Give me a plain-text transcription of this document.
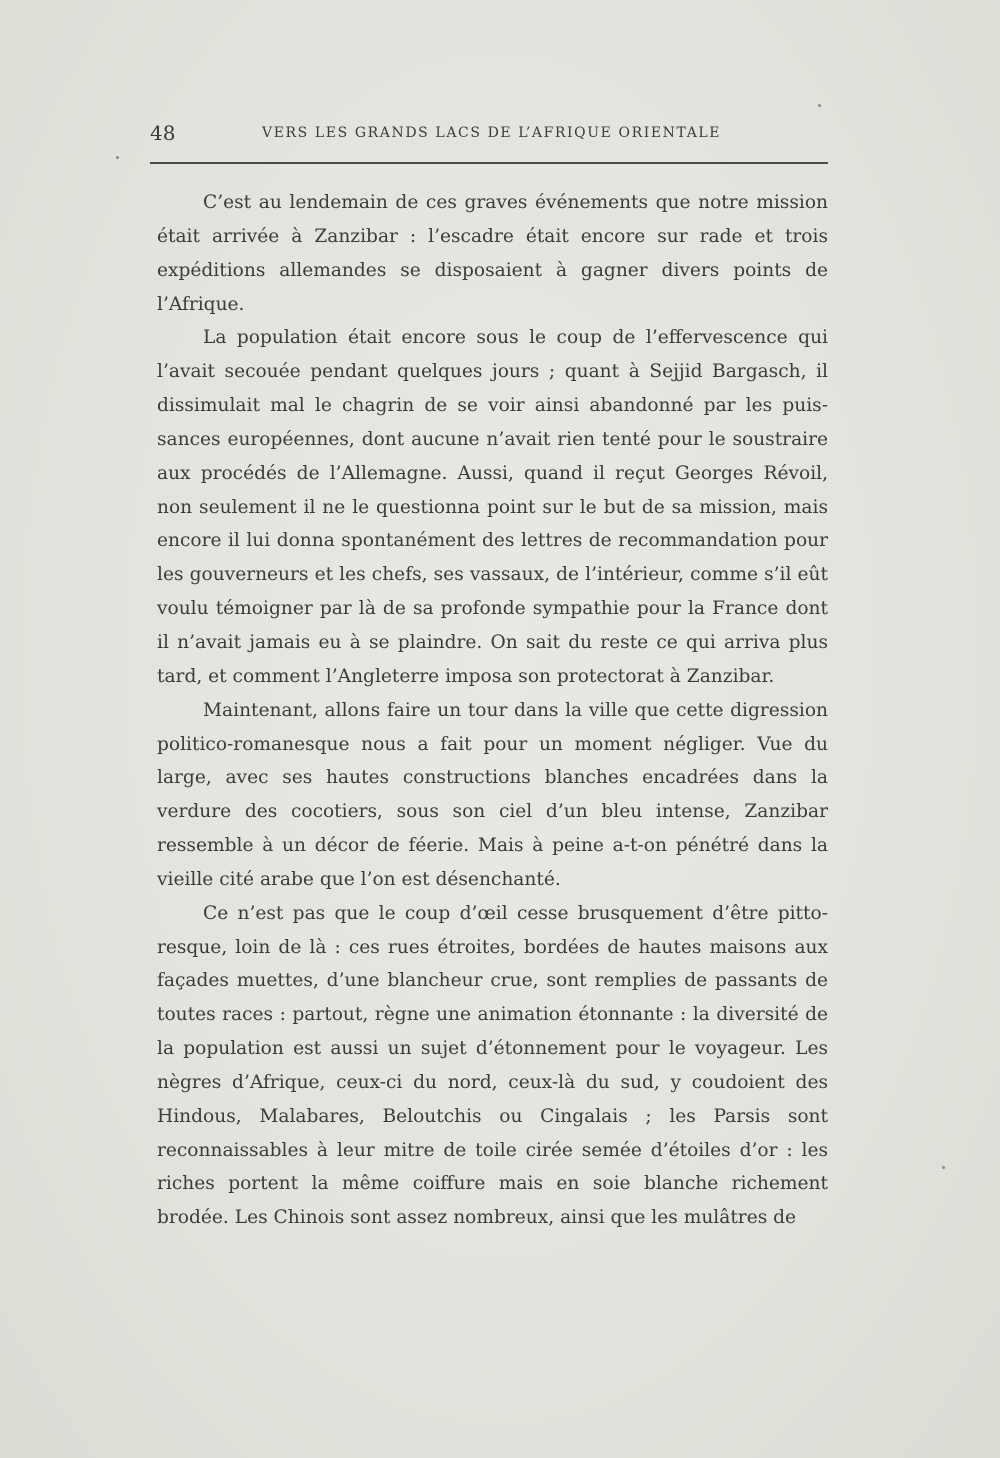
48	VERS LES GRANDS LACS DE L’AFRIQUE ORIENTALE

C’est au lendemain de ces graves événements que notre mission était arrivée à Zanzibar : l’escadre était encore sur rade et trois expéditions allemandes se disposaient à gagner divers points de l’Afrique.

La population était encore sous le coup de l’effervescence qui l’avait secouée pendant quelques jours ; quant à Sejjid Bargasch, il dissimulait mal le chagrin de se voir ainsi abandonné par les puissances européennes, dont aucune n’avait rien tenté pour le soustraire aux procédés de l’Allemagne. Aussi, quand il reçut Georges Révoil, non seulement il ne le questionna point sur le but de sa mission, mais encore il lui donna spontanément des lettres de recommandation pour les gouverneurs et les chefs, ses vassaux, de l’intérieur, comme s’il eût voulu témoigner par là de sa profonde sympathie pour la France dont il n’avait jamais eu à se plaindre. On sait du reste ce qui arriva plus tard, et comment l’Angleterre imposa son protectorat à Zanzibar.

Maintenant, allons faire un tour dans la ville que cette digression politico-romanesque nous a fait pour un moment négliger. Vue du large, avec ses hautes constructions blanches encadrées dans la verdure des cocotiers, sous son ciel d’un bleu intense, Zanzibar ressemble à un décor de féerie. Mais à peine a-t-on pénétré dans la vieille cité arabe que l’on est désenchanté.

Ce n’est pas que le coup d’œil cesse brusquement d’être pittoresque, loin de là : ces rues étroites, bordées de hautes maisons aux façades muettes, d’une blancheur crue, sont remplies de passants de toutes races : partout, règne une animation étonnante : la diversité de la population est aussi un sujet d’étonnement pour le voyageur. Les nègres d’Afrique, ceux-ci du nord, ceux-là du sud, y coudoient des Hindous, Malabares, Beloutchis ou Cingalais ; les Parsis sont reconnaissables à leur mitre de toile cirée semée d’étoiles d’or : les riches portent la même coiffure mais en soie blanche richement brodée. Les Chinois sont assez nombreux, ainsi que les mulâtres de
